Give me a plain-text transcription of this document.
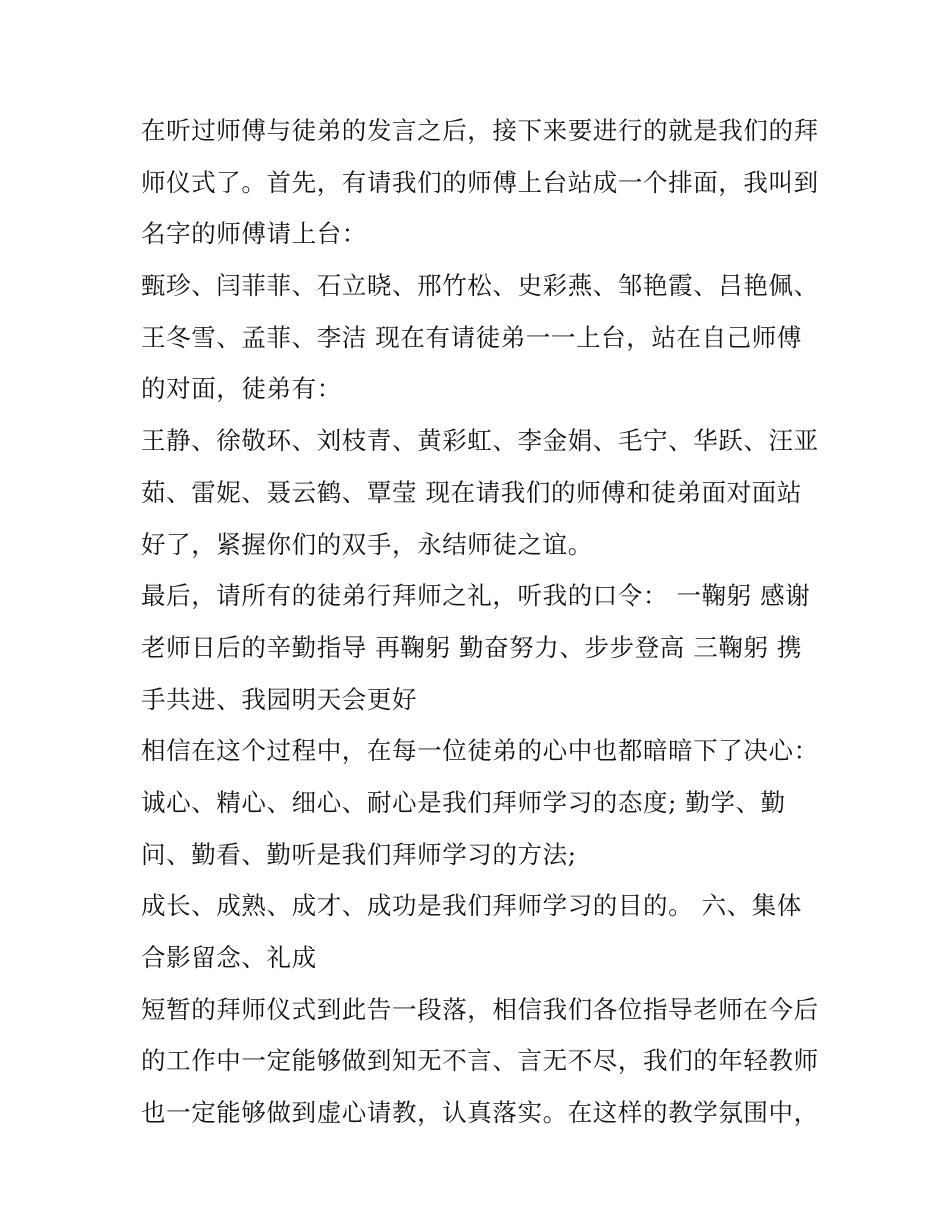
在听过师傅与徒弟的发言之后，接下来要进行的就是我们的拜
师仪式了。首先，有请我们的师傅上台站成一个排面，我叫到
名字的师傅请上台：
甄珍、闫菲菲、石立晓、邢竹松、史彩燕、邹艳霞、吕艳佩、
王冬雪、孟菲、李洁 现在有请徒弟一一上台，站在自己师傅
的对面，徒弟有：
王静、徐敬环、刘枝青、黄彩虹、李金娟、毛宁、华跃、汪亚
茹、雷妮、聂云鹤、覃莹 现在请我们的师傅和徒弟面对面站
好了，紧握你们的双手，永结师徒之谊。
最后，请所有的徒弟行拜师之礼，听我的口令： 一鞠躬 感谢
老师日后的辛勤指导 再鞠躬 勤奋努力、步步登高 三鞠躬 携
手共进、我园明天会更好
相信在这个过程中，在每一位徒弟的心中也都暗暗下了决心：
诚心、精心、细心、耐心是我们拜师学习的态度; 勤学、勤
问、勤看、勤听是我们拜师学习的方法;
成长、成熟、成才、成功是我们拜师学习的目的。 六、集体
合影留念、礼成
短暂的拜师仪式到此告一段落，相信我们各位指导老师在今后
的工作中一定能够做到知无不言、言无不尽，我们的年轻教师
也一定能够做到虚心请教，认真落实。在这样的教学氛围中，
